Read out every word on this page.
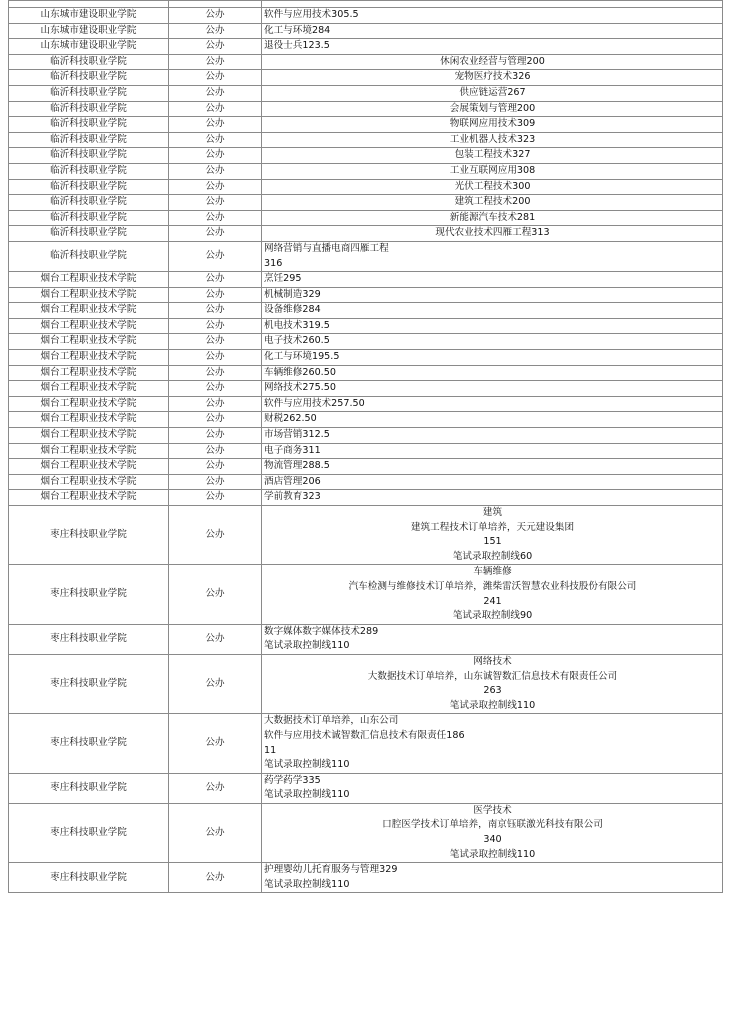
山东城市建设职业学院	公办	软件与应用技术305.5

山东城市建设职业学院	公办	化工与环境284

山东城市建设职业学院	公办	退役士兵123.5

临沂科技职业学院	公办	休闲农业经营与管理200

临沂科技职业学院	公办	宠物医疗技术326

临沂科技职业学院	公办	供应链运营267

临沂科技职业学院	公办	会展策划与管理200

临沂科技职业学院	公办	物联网应用技术309

临沂科技职业学院	公办	工业机器人技术323

临沂科技职业学院	公办	包装工程技术327

临沂科技职业学院	公办	工业互联网应用308

临沂科技职业学院	公办	光伏工程技术300

临沂科技职业学院	公办	建筑工程技术200

临沂科技职业学院	公办	新能源汽车技术281

临沂科技职业学院	公办	现代农业技术四雁工程313

临沂科技职业学院	公办	网络营销与直播电商四雁工程
316

烟台工程职业技术学院	公办	烹饪295

烟台工程职业技术学院	公办	机械制造329

烟台工程职业技术学院	公办	设备维修284

烟台工程职业技术学院	公办	机电技术319.5

烟台工程职业技术学院	公办	电子技术260.5

烟台工程职业技术学院	公办	化工与环境195.5

烟台工程职业技术学院	公办	车辆维修260.50

烟台工程职业技术学院	公办	网络技术275.50

烟台工程职业技术学院	公办	软件与应用技术257.50

烟台工程职业技术学院	公办	财税262.50

烟台工程职业技术学院	公办	市场营销312.5

烟台工程职业技术学院	公办	电子商务311

烟台工程职业技术学院	公办	物流管理288.5

烟台工程职业技术学院	公办	酒店管理206

烟台工程职业技术学院	公办	学前教育323

枣庄科技职业学院	公办	建筑
建筑工程技术订单培养，天元建设集团
151
笔试录取控制线60

枣庄科技职业学院	公办	车辆维修
汽车检测与维修技术订单培养，潍柴雷沃智慧农业科技股份有限公司
241
笔试录取控制线90

枣庄科技职业学院	公办	数字媒体数字媒体技术289
笔试录取控制线110

枣庄科技职业学院	公办	网络技术
大数据技术订单培养，山东诚智数汇信息技术有限责任公司
263
笔试录取控制线110

枣庄科技职业学院	公办	大数据技术订单培养，山东公司
软件与应用技术诚智数汇信息技术有限责任186
11
笔试录取控制线110

枣庄科技职业学院	公办	药学药学335
笔试录取控制线110

枣庄科技职业学院	公办	医学技术
口腔医学技术订单培养，南京钰联激光科技有限公司
340
笔试录取控制线110

枣庄科技职业学院	公办	护理婴幼儿托育服务与管理329
笔试录取控制线110
